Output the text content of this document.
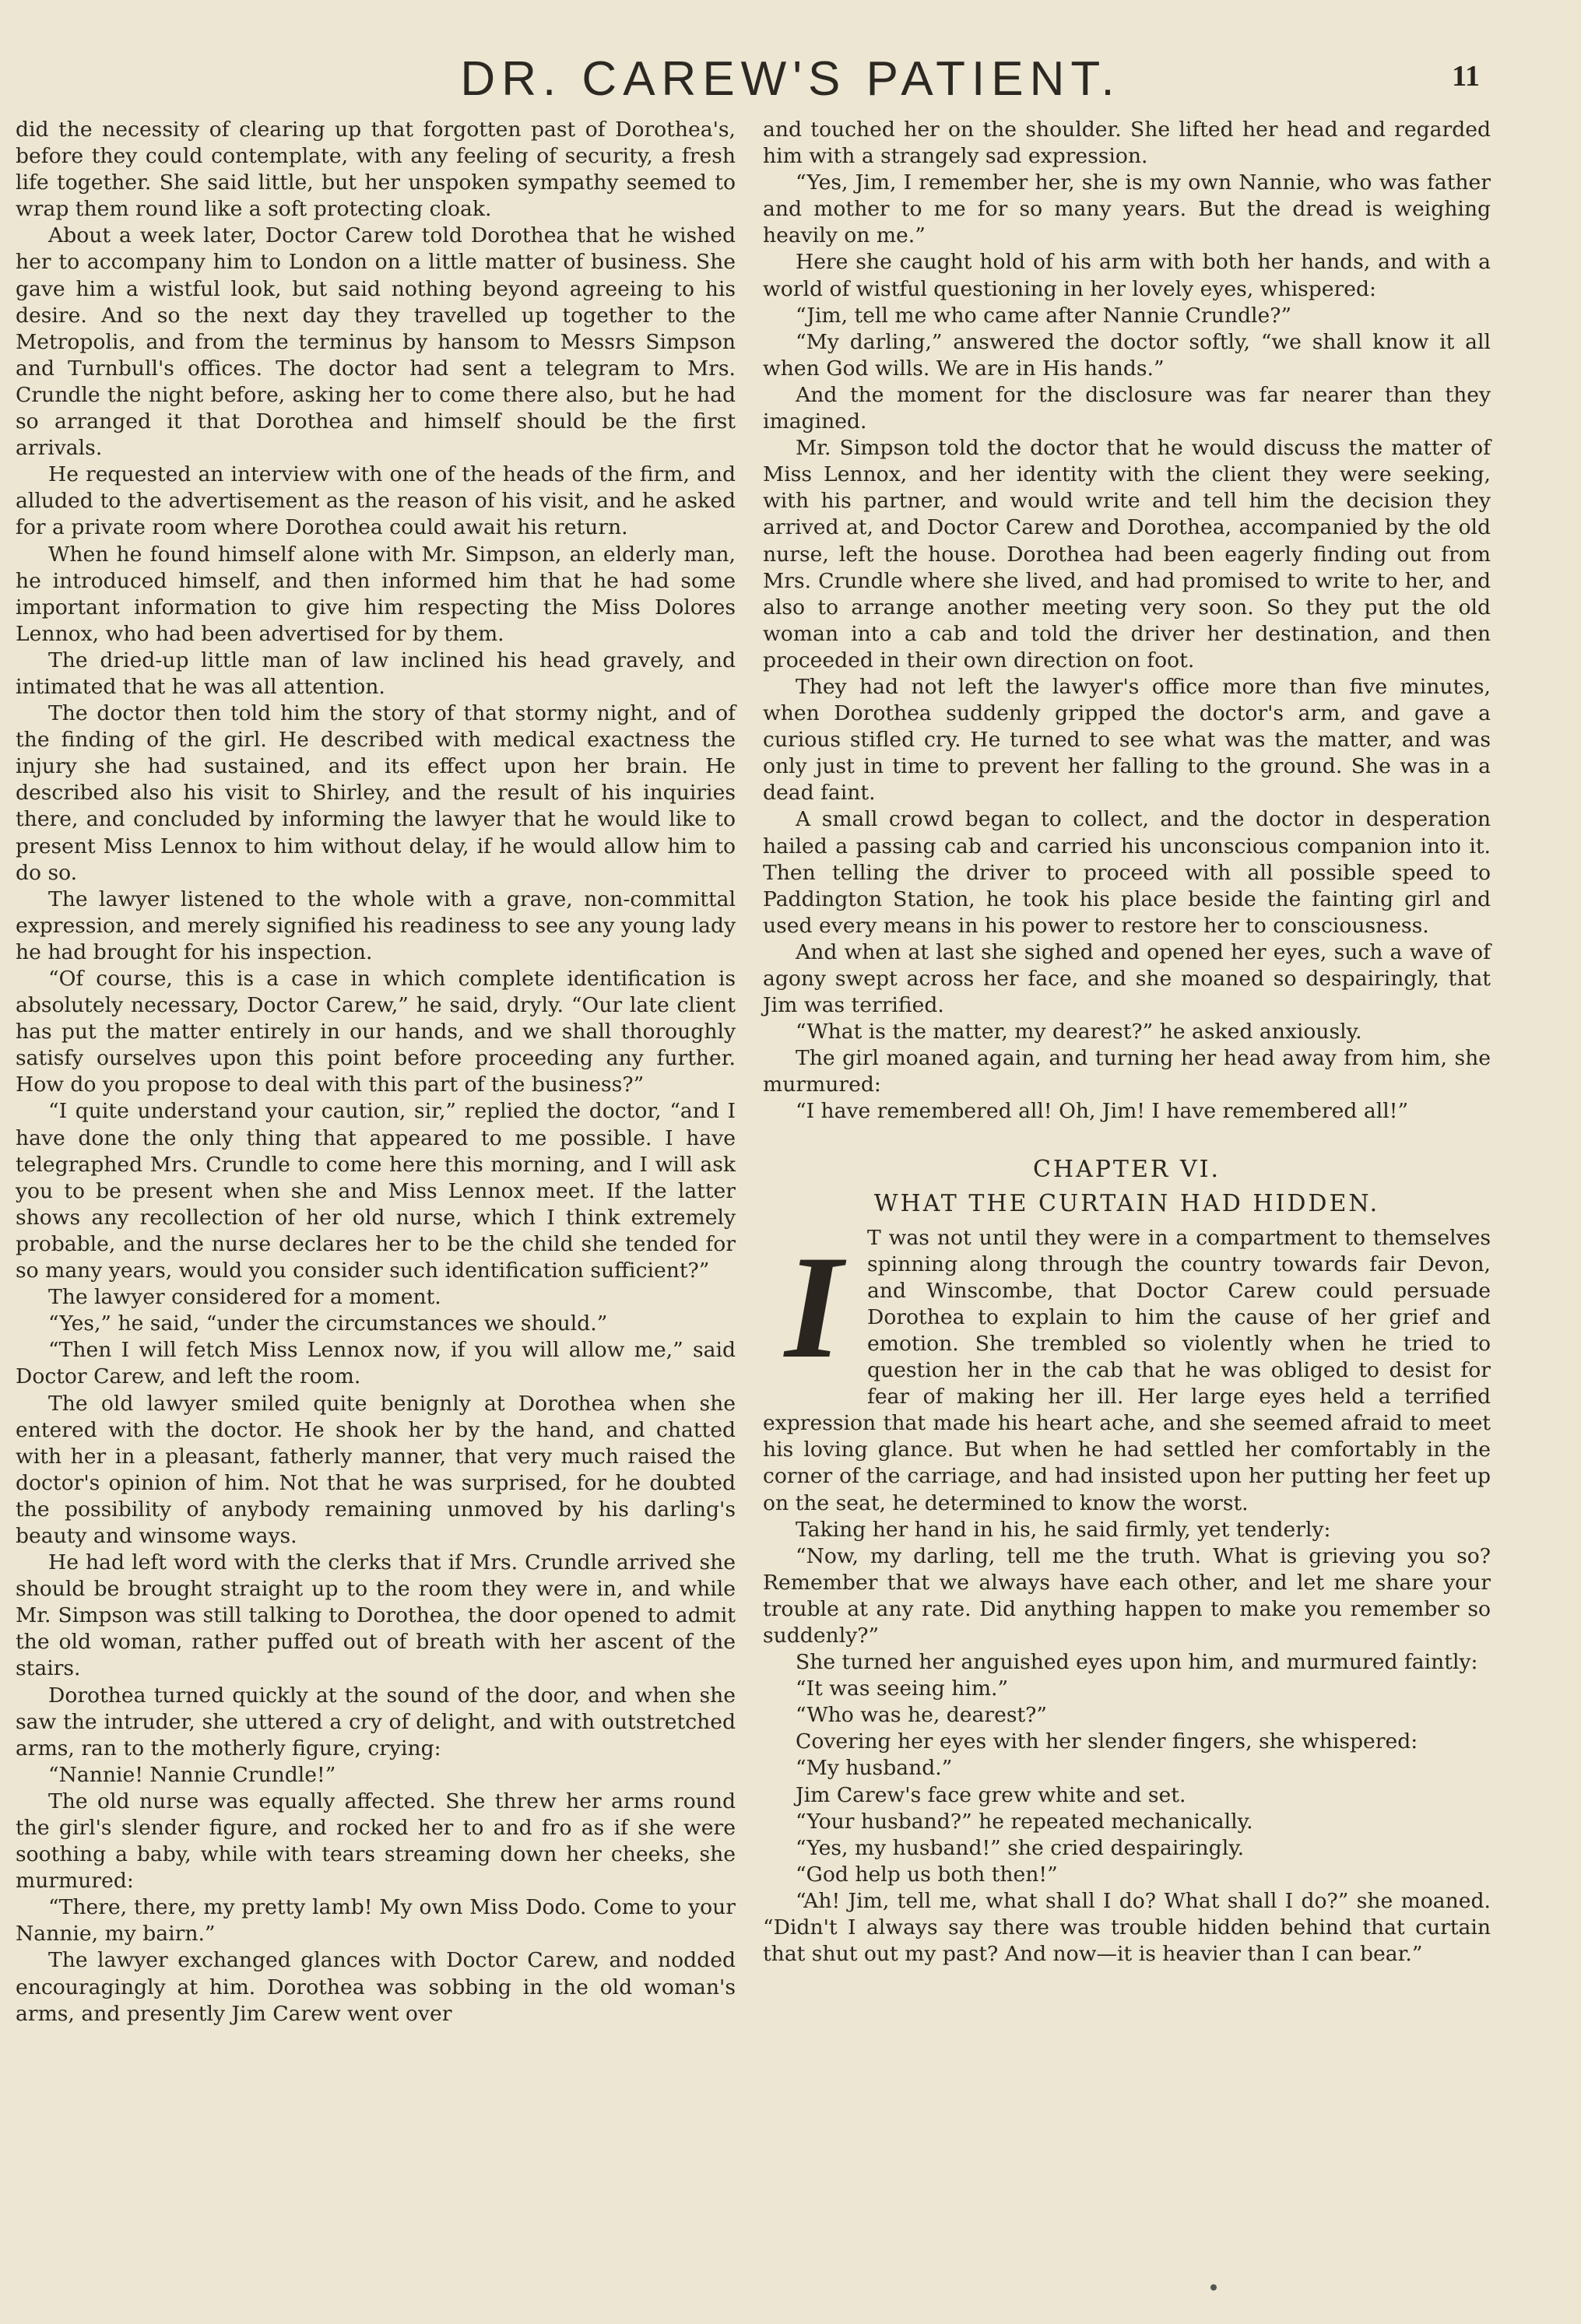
DR. CAREW'S PATIENT.	11

did the necessity of clearing up that forgotten past of Dorothea's, before they could contemplate, with any feeling of security, a fresh life together. She said little, but her unspoken sympathy seemed to wrap them round like a soft protecting cloak.

About a week later, Doctor Carew told Dorothea that he wished her to accompany him to London on a little matter of business. She gave him a wistful look, but said nothing beyond agreeing to his desire. And so the next day they travelled up together to the Metropolis, and from the terminus by hansom to Messrs Simpson and Turnbull's offices. The doctor had sent a telegram to Mrs. Crundle the night before, asking her to come there also, but he had so arranged it that Dorothea and himself should be the first arrivals.

He requested an interview with one of the heads of the firm, and alluded to the advertisement as the reason of his visit, and he asked for a private room where Dorothea could await his return.

When he found himself alone with Mr. Simpson, an elderly man, he introduced himself, and then informed him that he had some important information to give him respecting the Miss Dolores Lennox, who had been advertised for by them.

The dried-up little man of law inclined his head gravely, and intimated that he was all attention.

The doctor then told him the story of that stormy night, and of the finding of the girl. He described with medical exactness the injury she had sustained, and its effect upon her brain. He described also his visit to Shirley, and the result of his inquiries there, and concluded by informing the lawyer that he would like to present Miss Lennox to him without delay, if he would allow him to do so.

The lawyer listened to the whole with a grave, non-committal expression, and merely signified his readiness to see any young lady he had brought for his inspection.

“Of course, this is a case in which complete identification is absolutely necessary, Doctor Carew,” he said, dryly. “Our late client has put the matter entirely in our hands, and we shall thoroughly satisfy ourselves upon this point before proceeding any further. How do you propose to deal with this part of the business?”

“I quite understand your caution, sir,” replied the doctor, “and I have done the only thing that appeared to me possible. I have telegraphed Mrs. Crundle to come here this morning, and I will ask you to be present when she and Miss Lennox meet. If the latter shows any recollection of her old nurse, which I think extremely probable, and the nurse declares her to be the child she tended for so many years, would you consider such identification sufficient?”

The lawyer considered for a moment.

“Yes,” he said, “under the circumstances we should.”

“Then I will fetch Miss Lennox now, if you will allow me,” said Doctor Carew, and left the room.

The old lawyer smiled quite benignly at Dorothea when she entered with the doctor. He shook her by the hand, and chatted with her in a pleasant, fatherly manner, that very much raised the doctor's opinion of him. Not that he was surprised, for he doubted the possibility of anybody remaining unmoved by his darling's beauty and winsome ways.

He had left word with the clerks that if Mrs. Crundle arrived she should be brought straight up to the room they were in, and while Mr. Simpson was still talking to Dorothea, the door opened to admit the old woman, rather puffed out of breath with her ascent of the stairs.

Dorothea turned quickly at the sound of the door, and when she saw the intruder, she uttered a cry of delight, and with outstretched arms, ran to the motherly figure, crying:

“Nannie! Nannie Crundle!”

The old nurse was equally affected. She threw her arms round the girl's slender figure, and rocked her to and fro as if she were soothing a baby, while with tears streaming down her cheeks, she murmured:

“There, there, my pretty lamb! My own Miss Dodo. Come to your Nannie, my bairn.”

The lawyer exchanged glances with Doctor Carew, and nodded encouragingly at him. Dorothea was sobbing in the old woman's arms, and presently Jim Carew went over

and touched her on the shoulder. She lifted her head and regarded him with a strangely sad expression.

“Yes, Jim, I remember her, she is my own Nannie, who was father and mother to me for so many years. But the dread is weighing heavily on me.”

Here she caught hold of his arm with both her hands, and with a world of wistful questioning in her lovely eyes, whispered:

“Jim, tell me who came after Nannie Crundle?”

“My darling,” answered the doctor softly, “we shall know it all when God wills. We are in His hands.”

And the moment for the disclosure was far nearer than they imagined.

Mr. Simpson told the doctor that he would discuss the matter of Miss Lennox, and her identity with the client they were seeking, with his partner, and would write and tell him the decision they arrived at, and Doctor Carew and Dorothea, accompanied by the old nurse, left the house. Dorothea had been eagerly finding out from Mrs. Crundle where she lived, and had promised to write to her, and also to arrange another meeting very soon. So they put the old woman into a cab and told the driver her destination, and then proceeded in their own direction on foot.

They had not left the lawyer's office more than five minutes, when Dorothea suddenly gripped the doctor's arm, and gave a curious stifled cry. He turned to see what was the matter, and was only just in time to prevent her falling to the ground. She was in a dead faint.

A small crowd began to collect, and the doctor in desperation hailed a passing cab and carried his unconscious companion into it. Then telling the driver to proceed with all possible speed to Paddington Station, he took his place beside the fainting girl and used every means in his power to restore her to consciousness.

And when at last she sighed and opened her eyes, such a wave of agony swept across her face, and she moaned so despairingly, that Jim was terrified.

“What is the matter, my dearest?” he asked anxiously.

The girl moaned again, and turning her head away from him, she murmured:

“I have remembered all! Oh, Jim! I have remembered all!”

CHAPTER VI.
WHAT THE CURTAIN HAD HIDDEN.
I	T was not until they were in a compartment to themselves spinning along through the country towards fair Devon, and Winscombe, that Doctor Carew could persuade Dorothea to explain to him the cause of her grief and emotion. She trembled so violently when he tried to question her in the cab that he was obliged to desist for fear of making her ill. Her large eyes held a terrified expression that made his heart ache, and she seemed afraid to meet his loving glance. But when he had settled her comfortably in the corner of the carriage, and had insisted upon her putting her feet up on the seat, he determined to know the worst.

Taking her hand in his, he said firmly, yet tenderly:

“Now, my darling, tell me the truth. What is grieving you so? Remember that we always have each other, and let me share your trouble at any rate. Did anything happen to make you remember so suddenly?”

She turned her anguished eyes upon him, and murmured faintly:

“It was seeing him.”

“Who was he, dearest?”

Covering her eyes with her slender fingers, she whispered:

“My husband.”

Jim Carew's face grew white and set.

“Your husband?” he repeated mechanically.

“Yes, my husband!” she cried despairingly.

“God help us both then!”

“Ah! Jim, tell me, what shall I do? What shall I do?” she moaned. “Didn't I always say there was trouble hidden behind that curtain that shut out my past? And now—it is heavier than I can bear.”
